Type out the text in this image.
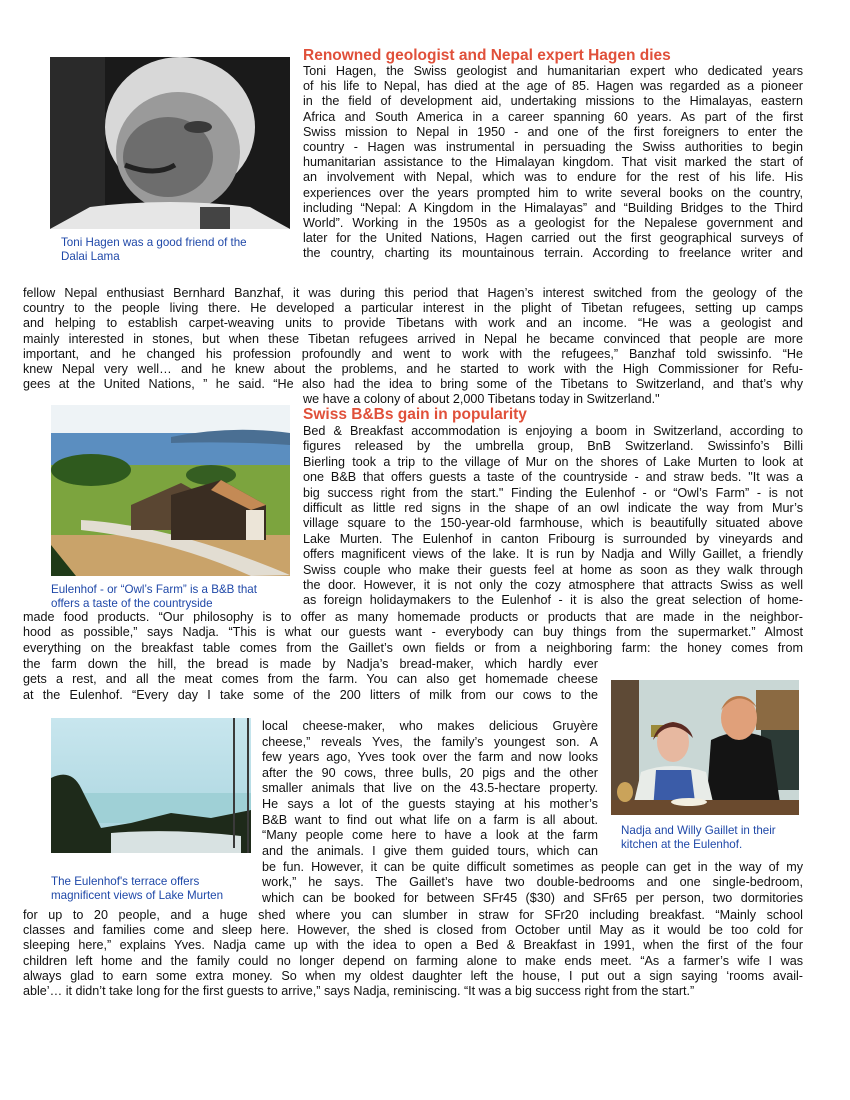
Renowned geologist and Nepal expert Hagen dies
Toni Hagen was a good friend of the
Dalai Lama
Toni Hagen, the Swiss geologist and humanitarian expert who dedicated years
of his life to Nepal, has died at the age of 85. Hagen was regarded as a pioneer
in the field of development aid, undertaking missions to the Himalayas, eastern
Africa and South America in a career spanning 60 years. As part of the first
Swiss mission to Nepal in 1950 - and one of the first foreigners to enter the
country - Hagen was instrumental in persuading the Swiss authorities to begin
humanitarian assistance to the Himalayan kingdom. That visit marked the start of
an involvement with Nepal, which was to endure for the rest of his life. His
experiences over the years prompted him to write several books on the country,
including “Nepal: A Kingdom in the Himalayas” and “Building Bridges to the Third
World”. Working in the 1950s as a geologist for the Nepalese government and
later for the United Nations, Hagen carried out the first geographical surveys of
the country, charting its mountainous terrain. According to freelance writer and
fellow Nepal enthusiast Bernhard Banzhaf, it was during this period that Hagen’s interest switched from the geology of the
country to the people living there. He developed a particular interest in the plight of Tibetan refugees, setting up camps
and helping to establish carpet-weaving units to provide Tibetans with work and an income. “He was a geologist and
mainly interested in stones, but when these Tibetan refugees arrived in Nepal he became convinced that people are more
important, and he changed his profession profoundly and went to work with the refugees,” Banzhaf told swissinfo. “He
knew Nepal very well… and he knew about the problems, and he started to work with the High Commissioner for Refu-
gees at the United Nations, ” he said. “He also had the idea to bring some of the Tibetans to Switzerland, and that’s why
we have a colony of about 2,000 Tibetans today in Switzerland."
Swiss B&Bs gain in popularity
Eulenhof - or “Owl’s Farm” is a B&B that
offers a taste of the countryside
The Eulenhof's terrace offers
magnificent views of Lake Murten
Nadja and Willy Gaillet in their
kitchen at the Eulenhof.
Bed & Breakfast accommodation is enjoying a boom in Switzerland, according to
figures released by the umbrella group, BnB Switzerland. Swissinfo’s Billi
Bierling took a trip to the village of Mur on the shores of Lake Murten to look at
one B&B that offers guests a taste of the countryside - and straw beds. "It was a
big success right from the start." Finding the Eulenhof - or “Owl’s Farm” - is not
difficult as little red signs in the shape of an owl indicate the way from Mur’s
village square to the 150-year-old farmhouse, which is beautifully situated above
Lake Murten. The Eulenhof in canton Fribourg is surrounded by vineyards and
offers magnificent views of the lake. It is run by Nadja and Willy Gaillet, a friendly
Swiss couple who make their guests feel at home as soon as they walk through
the door. However, it is not only the cozy atmosphere that attracts Swiss as well
as foreign holidaymakers to the Eulenhof - it is also the great selection of home-
made food products. “Our philosophy is to offer as many homemade products or products that are made in the neighbor-
hood as possible,” says Nadja. “This is what our guests want - everybody can buy things from the supermarket.” Almost
everything on the breakfast table comes from the Gaillet’s own fields or from a neighboring farm: the honey comes from
the farm down the hill, the bread is made by Nadja’s bread-maker, which hardly ever
gets a rest, and all the meat comes from the farm. You can also get homemade cheese
at the Eulenhof. “Every day I take some of the 200 litters of milk from our cows to the
local cheese-maker, who makes delicious Gruyère
cheese,” reveals Yves, the family’s youngest son. A
few years ago, Yves took over the farm and now looks
after the 90 cows, three bulls, 20 pigs and the other
smaller animals that live on the 43.5-hectare property.
He says a lot of the guests staying at his mother’s
B&B want to find out what life on a farm is all about.
“Many people come here to have a look at the farm
and the animals. I give them guided tours, which can
be fun. However, it can be quite difficult sometimes as people can get in the way of my
work,” he says. The Gaillet’s have two double-bedrooms and one single-bedroom,
which can be booked for between SFr45 ($30) and SFr65 per person, two dormitories
for up to 20 people, and a huge shed where you can slumber in straw for SFr20 including breakfast. “Mainly school
classes and families come and sleep here. However, the shed is closed from October until May as it would be too cold for
sleeping here,” explains Yves. Nadja came up with the idea to open a Bed & Breakfast in 1991, when the first of the four
children left home and the family could no longer depend on farming alone to make ends meet. “As a farmer’s wife I was
always glad to earn some extra money. So when my oldest daughter left the house, I put out a sign saying ‘rooms avail-
able’… it didn’t take long for the first guests to arrive,” says Nadja, reminiscing. “It was a big success right from the start.”
